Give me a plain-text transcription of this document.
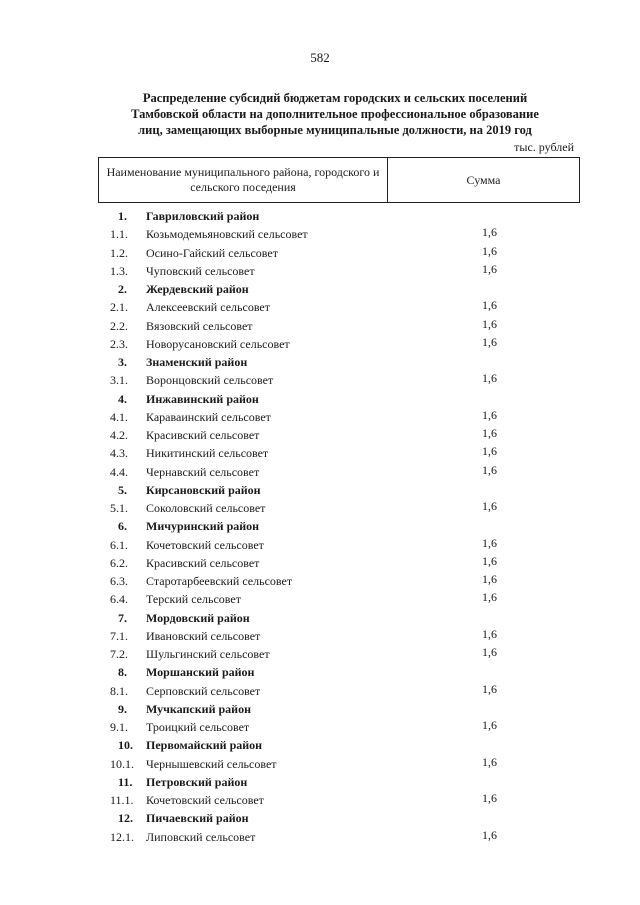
582
Распределение субсидий бюджетам городских и сельских поселений
Тамбовской области на дополнительное профессиональное образование
лиц, замещающих выборные муниципальные должности, на 2019 год
тыс. рублей
Наименование муниципального района, городского и сельского поседения
Сумма
1.	Гавриловский район
1.1.	Козьмодемьяновский сельсовет	1,6
1.2.	Осино-Гайский сельсовет	1,6
1.3.	Чуповский сельсовет	1,6
2.	Жердевский район
2.1.	Алексеевский сельсовет	1,6
2.2.	Вязовский сельсовет	1,6
2.3.	Новорусановский сельсовет	1,6
3.	Знаменский район
3.1.	Воронцовский сельсовет	1,6
4.	Инжавинский район
4.1.	Караваинский сельсовет	1,6
4.2.	Красивский сельсовет	1,6
4.3.	Никитинский сельсовет	1,6
4.4.	Чернавский сельсовет	1,6
5.	Кирсановский район
5.1.	Соколовский сельсовет	1,6
6.	Мичуринский район
6.1.	Кочетовский сельсовет	1,6
6.2.	Красивский сельсовет	1,6
6.3.	Старотарбеевский сельсовет	1,6
6.4.	Терский сельсовет	1,6
7.	Мордовский район
7.1.	Ивановский сельсовет	1,6
7.2.	Шульгинский сельсовет	1,6
8.	Моршанский район
8.1.	Серповский сельсовет	1,6
9.	Мучкапский район
9.1.	Троицкий сельсовет	1,6
10.	Первомайский район
10.1.	Чернышевский сельсовет	1,6
11.	Петровский район
11.1.	Кочетовский сельсовет	1,6
12.	Пичаевский район
12.1.	Липовский сельсовет	1,6
